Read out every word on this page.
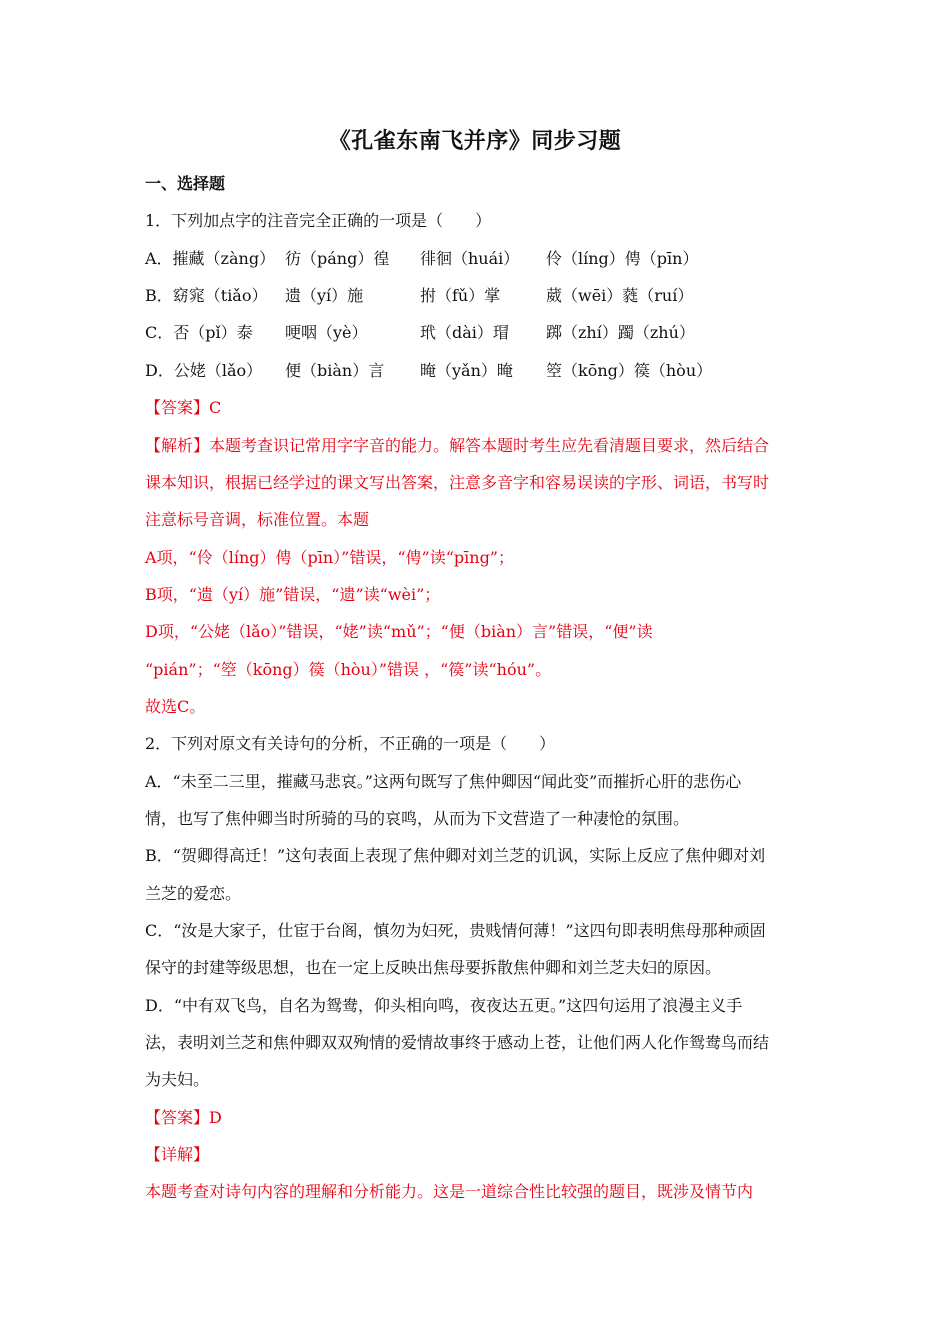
《孔雀东南飞并序》同步习题
一、选择题
1．下列加点字的注音完全正确的一项是（　　）
A．摧藏（zàng） 彷（páng）徨	徘徊（huái）	伶（líng）俜（pīn）
B．窈窕（tiǎo）	遗（yí）施	拊（fǔ）掌	葳（wēi）蕤（ruí）
C．否（pǐ）泰	哽咽（yè）	玳（dài）瑁	踯（zhí）躅（zhú）
D．公姥（lǎo）	便（biàn）言	晻（yǎn）晻	箜（kōng）篌（hòu）
【答案】C
【解析】本题考查识记常用字字音的能力。解答本题时考生应先看清题目要求，然后结合
课本知识，根据已经学过的课文写出答案，注意多音字和容易误读的字形、词语，书写时
注意标号音调，标准位置。本题
A项，“伶（líng）俜（pīn）”错误，“俜”读“pīng”；
B项，“遗（yí）施”错误，“遗”读“wèi”；
D项，“公姥（lǎo）”错误，“姥”读“mǔ”；“便（biàn）言”错误，“便”读
“pián”；“箜（kōng）篌（hòu）”错误 ，“篌”读“hóu”。
故选C。
2．下列对原文有关诗句的分析，不正确的一项是（　　）
A．“未至二三里，摧藏马悲哀。”这两句既写了焦仲卿因“闻此变”而摧折心肝的悲伤心
情，也写了焦仲卿当时所骑的马的哀鸣，从而为下文营造了一种凄怆的氛围。
B．“贺卿得高迁！”这句表面上表现了焦仲卿对刘兰芝的讥讽，实际上反应了焦仲卿对刘
兰芝的爱恋。
C．“汝是大家子，仕宦于台阁，慎勿为妇死，贵贱情何薄！”这四句即表明焦母那种顽固
保守的封建等级思想，也在一定上反映出焦母要拆散焦仲卿和刘兰芝夫妇的原因。
D．“中有双飞鸟，自名为鸳鸯，仰头相向鸣，夜夜达五更。”这四句运用了浪漫主义手
法，表明刘兰芝和焦仲卿双双殉情的爱情故事终于感动上苍，让他们两人化作鸳鸯鸟而结
为夫妇。
【答案】D
【详解】
本题考查对诗句内容的理解和分析能力。这是一道综合性比较强的题目，既涉及情节内
